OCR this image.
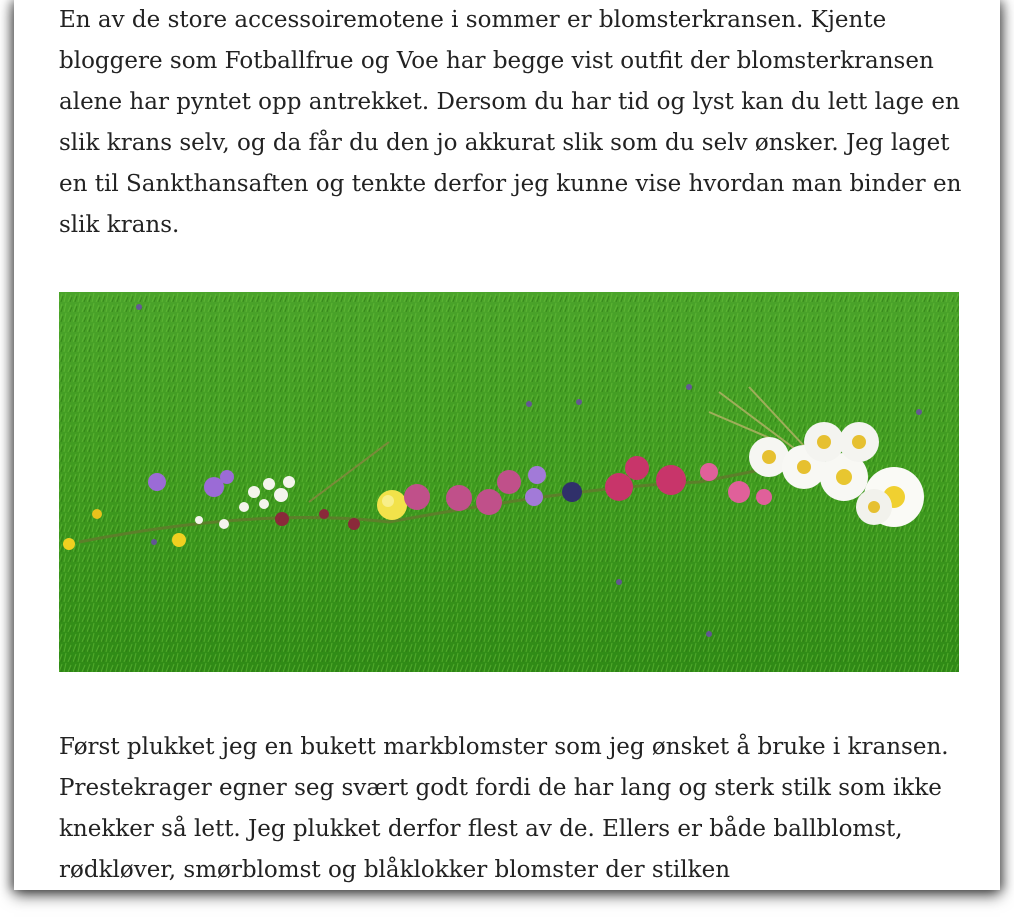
En av de store accessoiremotene i sommer er blomsterkransen. Kjente bloggere som Fotballfrue og Voe har begge vist outfit der blomsterkransen alene har pyntet opp antrekket. Dersom du har tid og lyst kan du lett lage en slik krans selv, og da får du den jo akkurat slik som du selv ønsker. Jeg laget en til Sankthansaften og tenkte derfor jeg kunne vise hvordan man binder en slik krans.

Først plukket jeg en bukett markblomster som jeg ønsket å bruke i kransen. Prestekrager egner seg svært godt fordi de har lang og sterk stilk som ikke knekker så lett. Jeg plukket derfor flest av de. Ellers er både ballblomst, rødkløver, smørblomst og blåklokker blomster der stilken
